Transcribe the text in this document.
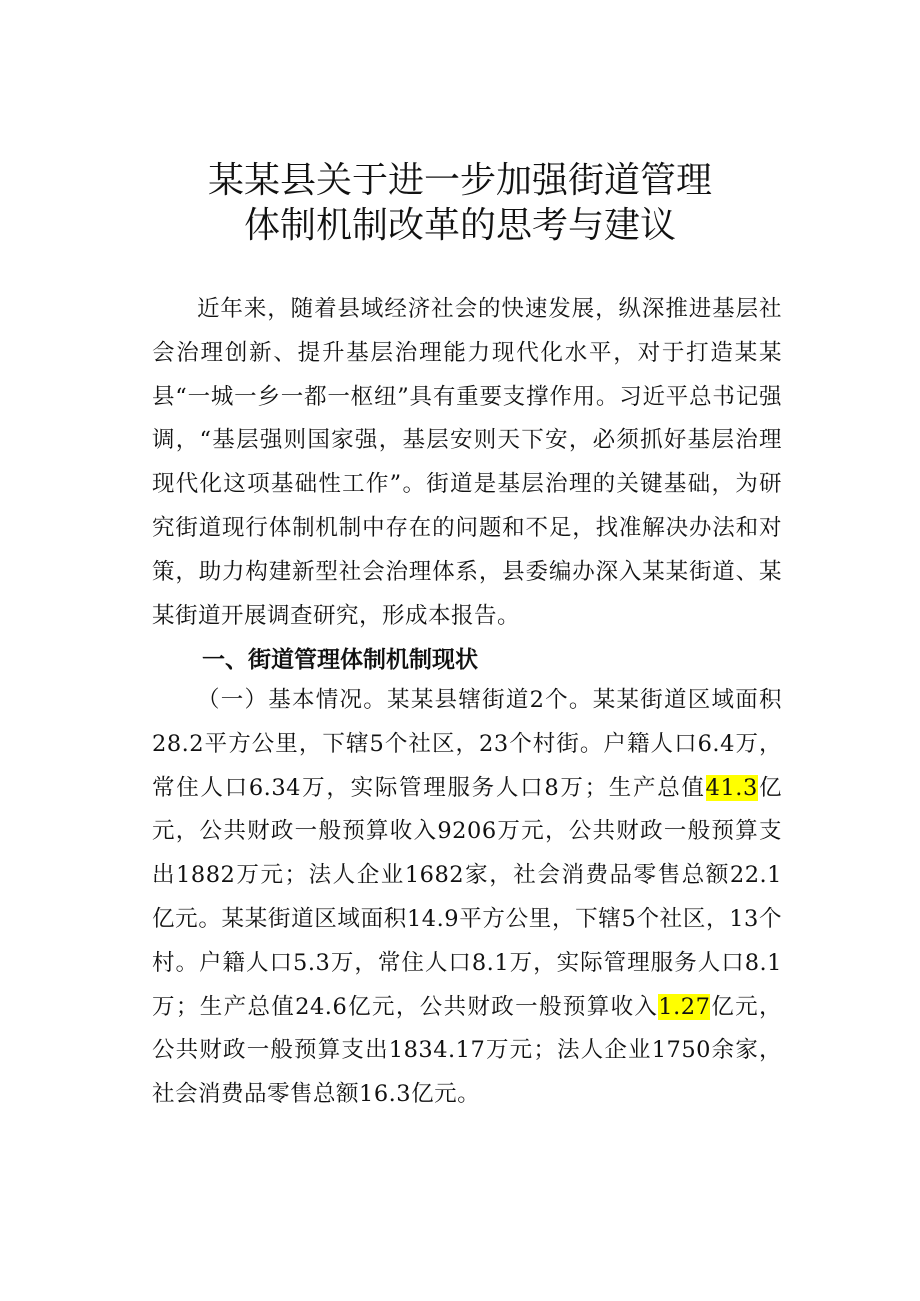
某某县关于进一步加强街道管理
体制机制改革的思考与建议

近年来，随着县域经济社会的快速发展，纵深推进基层社会治理创新、提升基层治理能力现代化水平，对于打造某某县“一城一乡一都一枢纽”具有重要支撑作用。习近平总书记强调，“基层强则国家强，基层安则天下安，必须抓好基层治理现代化这项基础性工作”。街道是基层治理的关键基础，为研究街道现行体制机制中存在的问题和不足，找准解决办法和对策，助力构建新型社会治理体系，县委编办深入某某街道、某某街道开展调查研究，形成本报告。

一、街道管理体制机制现状

（一）基本情况。某某县辖街道2个。某某街道区域面积28.2平方公里，下辖5个社区，23个村街。户籍人口6.4万，常住人口6.34万，实际管理服务人口8万；生产总值41.3亿元，公共财政一般预算收入9206万元，公共财政一般预算支出1882万元；法人企业1682家，社会消费品零售总额22.1亿元。某某街道区域面积14.9平方公里，下辖5个社区，13个村。户籍人口5.3万，常住人口8.1万，实际管理服务人口8.1万；生产总值24.6亿元，公共财政一般预算收入1.27亿元，公共财政一般预算支出1834.17万元；法人企业1750余家，社会消费品零售总额16.3亿元。
